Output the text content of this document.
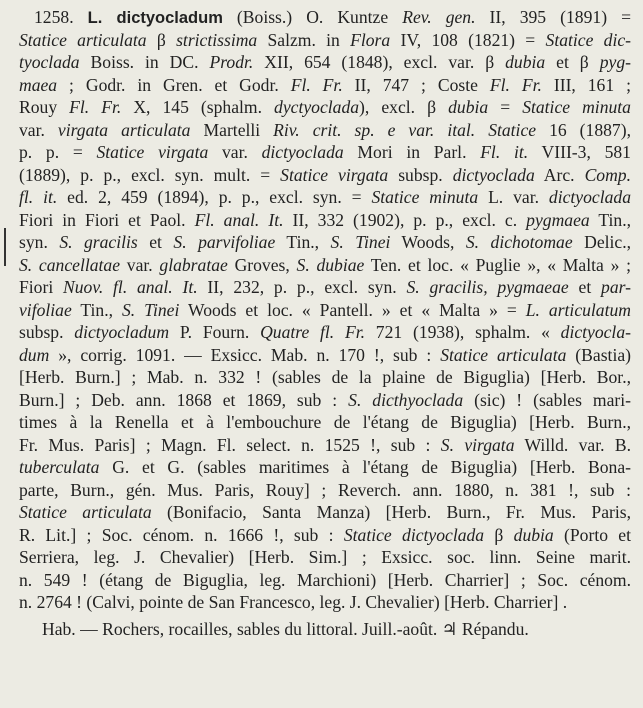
1258. L. dictyocladum (Boiss.) O. Kuntze Rev. gen. II, 395 (1891) =
Statice articulata β strictissima Salzm. in Flora IV, 108 (1821) = Statice dic-
tyoclada Boiss. in DC. Prodr. XII, 654 (1848), excl. var. β dubia et β pyg-
maea ; Godr. in Gren. et Godr. Fl. Fr. II, 747 ; Coste Fl. Fr. III, 161 ;
Rouy Fl. Fr. X, 145 (sphalm. dyctyoclada), excl. β dubia = Statice minuta
var. virgata articulata Martelli Riv. crit. sp. e var. ital. Statice 16 (1887),
p. p. = Statice virgata var. dictyoclada Mori in Parl. Fl. it. VIII-3, 581
(1889), p. p., excl. syn. mult. = Statice virgata subsp. dictyoclada Arc. Comp.
fl. it. ed. 2, 459 (1894), p. p., excl. syn. = Statice minuta L. var. dictyoclada
Fiori in Fiori et Paol. Fl. anal. It. II, 332 (1902), p. p., excl. c. pygmaea Tin.,
syn. S. gracilis et S. parvifoliae Tin., S. Tinei Woods, S. dichotomae Delic.,
S. cancellatae var. glabratae Groves, S. dubiae Ten. et loc. « Puglie », « Malta » ;
Fiori Nuov. fl. anal. It. II, 232, p. p., excl. syn. S. gracilis, pygmaeae et par-
vifoliae Tin., S. Tinei Woods et loc. « Pantell. » et « Malta » = L. articulatum
subsp. dictyocladum P. Fourn. Quatre fl. Fr. 721 (1938), sphalm. « dictyocla-
dum », corrig. 1091. — Exsicc. Mab. n. 170 !, sub : Statice articulata (Bastia)
[Herb. Burn.] ; Mab. n. 332 ! (sables de la plaine de Biguglia) [Herb. Bor.,
Burn.] ; Deb. ann. 1868 et 1869, sub : S. dicthyoclada (sic) ! (sables mari-
times à la Renella et à l'embouchure de l'étang de Biguglia) [Herb. Burn.,
Fr. Mus. Paris] ; Magn. Fl. select. n. 1525 !, sub : S. virgata Willd. var. B.
tuberculata G. et G. (sables maritimes à l'étang de Biguglia) [Herb. Bona-
parte, Burn., gén. Mus. Paris, Rouy] ; Reverch. ann. 1880, n. 381 !, sub :
Statice articulata (Bonifacio, Santa Manza) [Herb. Burn., Fr. Mus. Paris,
R. Lit.] ; Soc. cénom. n. 1666 !, sub : Statice dictyoclada β dubia (Porto et
Serriera, leg. J. Chevalier) [Herb. Sim.] ; Exsicc. soc. linn. Seine marit.
n. 549 ! (étang de Biguglia, leg. Marchioni) [Herb. Charrier] ; Soc. cénom.
n. 2764 ! (Calvi, pointe de San Francesco, leg. J. Chevalier) [Herb. Charrier] .
Hab. — Rochers, rocailles, sables du littoral. Juill.-août. ♃ Répandu.
